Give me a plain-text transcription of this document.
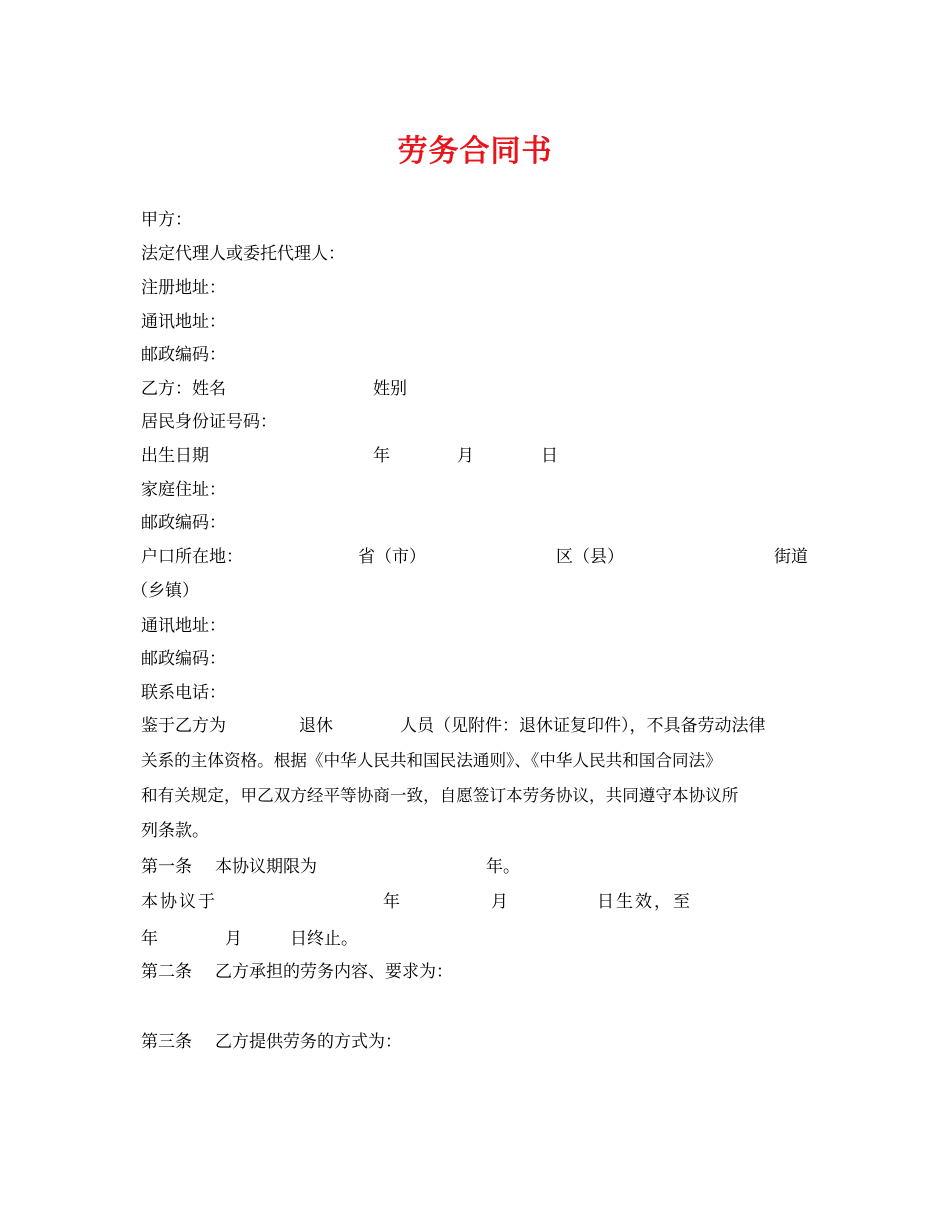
劳务合同书
甲方：
法定代理人或委托代理人：
注册地址：
通讯地址：
邮政编码：
乙方：姓名	姓别
居民身份证号码：
出生日期	年	月	日
家庭住址：
邮政编码：
户口所在地：	省（市）	区（县）	街道
（乡镇）
通讯地址：
邮政编码：
联系电话：
鉴于乙方为	退休	人员（见附件：退休证复印件），不具备劳动法律
关系的主体资格。根据《中华人民共和国民法通则》、《中华人民共和国合同法》
和有关规定，甲乙双方经平等协商一致，自愿签订本劳务协议，共同遵守本协议所
列条款。
第一条 本协议期限为	年。
本协议于	年	月	日生效，至
年	月	日终止。
第二条 乙方承担的劳务内容、要求为：
第三条 乙方提供劳务的方式为：
